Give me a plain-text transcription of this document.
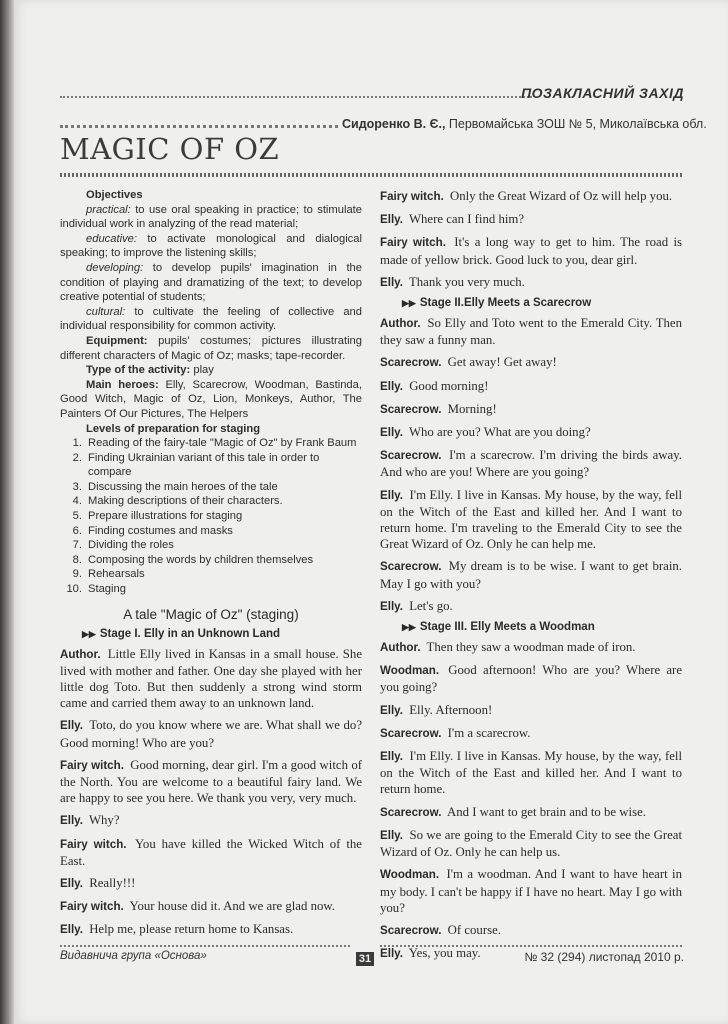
ПОЗАКЛАСНИЙ ЗАХІД
Сидоренко В. Є., Первомайська ЗОШ № 5, Миколаївська обл.
MAGIC OF OZ

Objectives

practical: to use oral speaking in practice; to stimulate individual work in analyzing of the read material;

educative: to activate monological and dialogical speaking; to improve the listening skills;

developing: to develop pupils' imagination in the condition of playing and dramatizing of the text; to develop creative potential of students;

cultural: to cultivate the feeling of collective and individual responsibility for common activity.

Equipment: pupils' costumes; pictures illustrating different characters of Magic of Oz; masks; tape-recorder.

Type of the activity: play

Main heroes: Elly, Scarecrow, Woodman, Bastinda, Good Witch, Magic of Oz, Lion, Monkeys, Author, The Painters Of Our Pictures, The Helpers

Levels of preparation for staging

1. Reading of the fairy-tale "Magic of Oz" by Frank Baum
2. Finding Ukrainian variant of this tale in order to compare
3. Discussing the main heroes of the tale
4. Making descriptions of their characters.
5. Prepare illustrations for staging
6. Finding costumes and masks
7. Dividing the roles
8. Composing the words by children themselves
9. Rehearsals
10. Staging
A tale "Magic of Oz" (staging)
▶▶ Stage I. Elly in an Unknown Land

Author. Little Elly lived in Kansas in a small house. She lived with mother and father. One day she played with her little dog Toto. But then suddenly a strong wind storm came and carried them away to an unknown land.

Elly. Toto, do you know where we are. What shall we do? Good morning! Who are you?

Fairy witch. Good morning, dear girl. I'm a good witch of the North. You are welcome to a beautiful fairy land. We are happy to see you here. We thank you very, very much.

Elly. Why?

Fairy witch. You have killed the Wicked Witch of the East.

Elly. Really!!!

Fairy witch. Your house did it. And we are glad now.

Elly. Help me, please return home to Kansas.

Fairy witch. Only the Great Wizard of Oz will help you.

Elly. Where can I find him?

Fairy witch. It's a long way to get to him. The road is made of yellow brick. Good luck to you, dear girl.

Elly. Thank you very much.

▶▶ Stage II.Elly Meets a Scarecrow

Author. So Elly and Toto went to the Emerald City. Then they saw a funny man.

Scarecrow. Get away! Get away!

Elly. Good morning!

Scarecrow. Morning!

Elly. Who are you? What are you doing?

Scarecrow. I'm a scarecrow. I'm driving the birds away. And who are you! Where are you going?

Elly. I'm Elly. I live in Kansas. My house, by the way, fell on the Witch of the East and killed her. And I want to return home. I'm traveling to the Emerald City to see the Great Wizard of Oz. Only he can help me.

Scarecrow. My dream is to be wise. I want to get brain. May I go with you?

Elly. Let's go.

▶▶ Stage III. Elly Meets a Woodman

Author. Then they saw a woodman made of iron.

Woodman. Good afternoon! Who are you? Where are you going?

Elly. Elly. Afternoon!

Scarecrow. I'm a scarecrow.

Elly. I'm Elly. I live in Kansas. My house, by the way, fell on the Witch of the East and killed her. And I want to return home.

Scarecrow. And I want to get brain and to be wise.

Elly. So we are going to the Emerald City to see the Great Wizard of Oz. Only he can help us.

Woodman. I'm a woodman. And I want to have heart in my body. I can't be happy if I have no heart. May I go with you?

Scarecrow. Of course.

Elly. Yes, you may.

Видавнича група «Основа»	31	№ 32 (294) листопад 2010 р.
